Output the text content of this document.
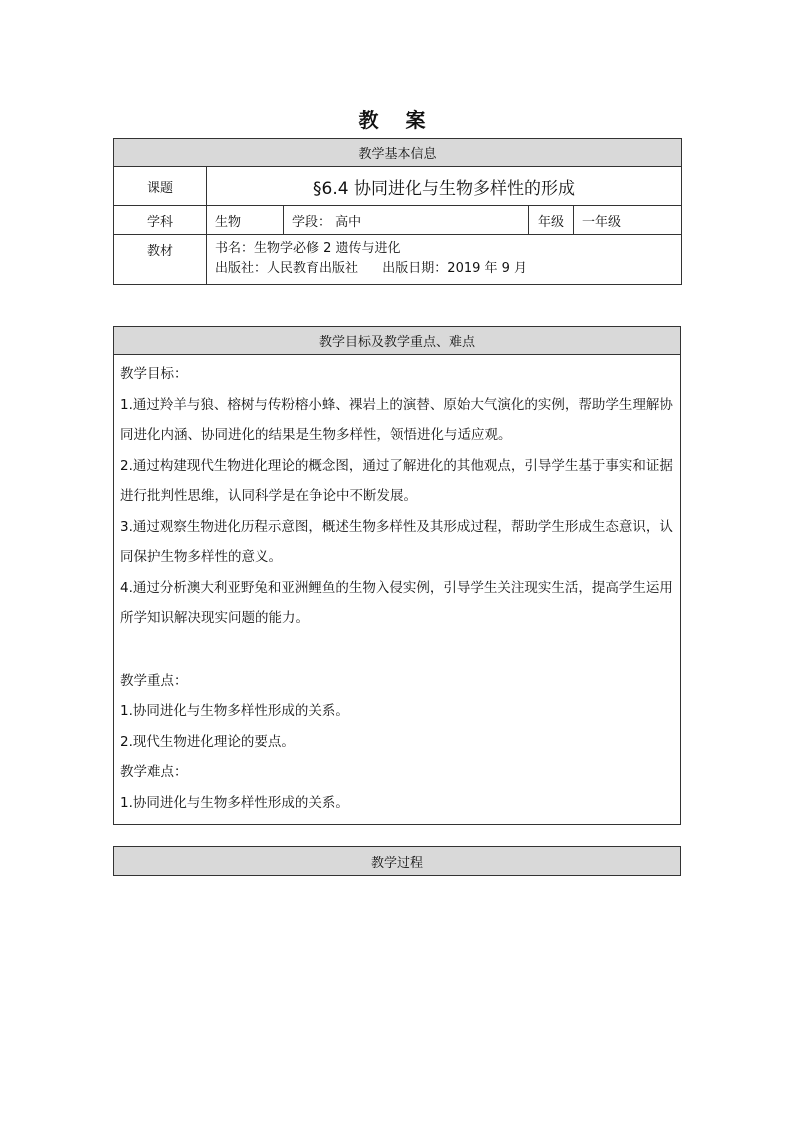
教 案
教学基本信息				
课题	§6.4 协同进化与生物多样性的形成			
学科	生物	学段： 高中	年级	一年级
教材	书名：生物学必修 2 遗传与进化
出版社：人民教育出版社 出版日期：2019 年 9 月			
教学目标及教学重点、难点

教学目标：

1.通过羚羊与狼、榕树与传粉榕小蜂、裸岩上的演替、原始大气演化的实例，帮助学生理解协同进化内涵、协同进化的结果是生物多样性，领悟进化与适应观。

2.通过构建现代生物进化理论的概念图，通过了解进化的其他观点，引导学生基于事实和证据进行批判性思维，认同科学是在争论中不断发展。

3.通过观察生物进化历程示意图，概述生物多样性及其形成过程，帮助学生形成生态意识，认同保护生物多样性的意义。

4.通过分析澳大利亚野兔和亚洲鲤鱼的生物入侵实例，引导学生关注现实生活，提高学生运用所学知识解决现实问题的能力。

教学重点：

1.协同进化与生物多样性形成的关系。

2.现代生物进化理论的要点。

教学难点：

1.协同进化与生物多样性形成的关系。

教学过程
